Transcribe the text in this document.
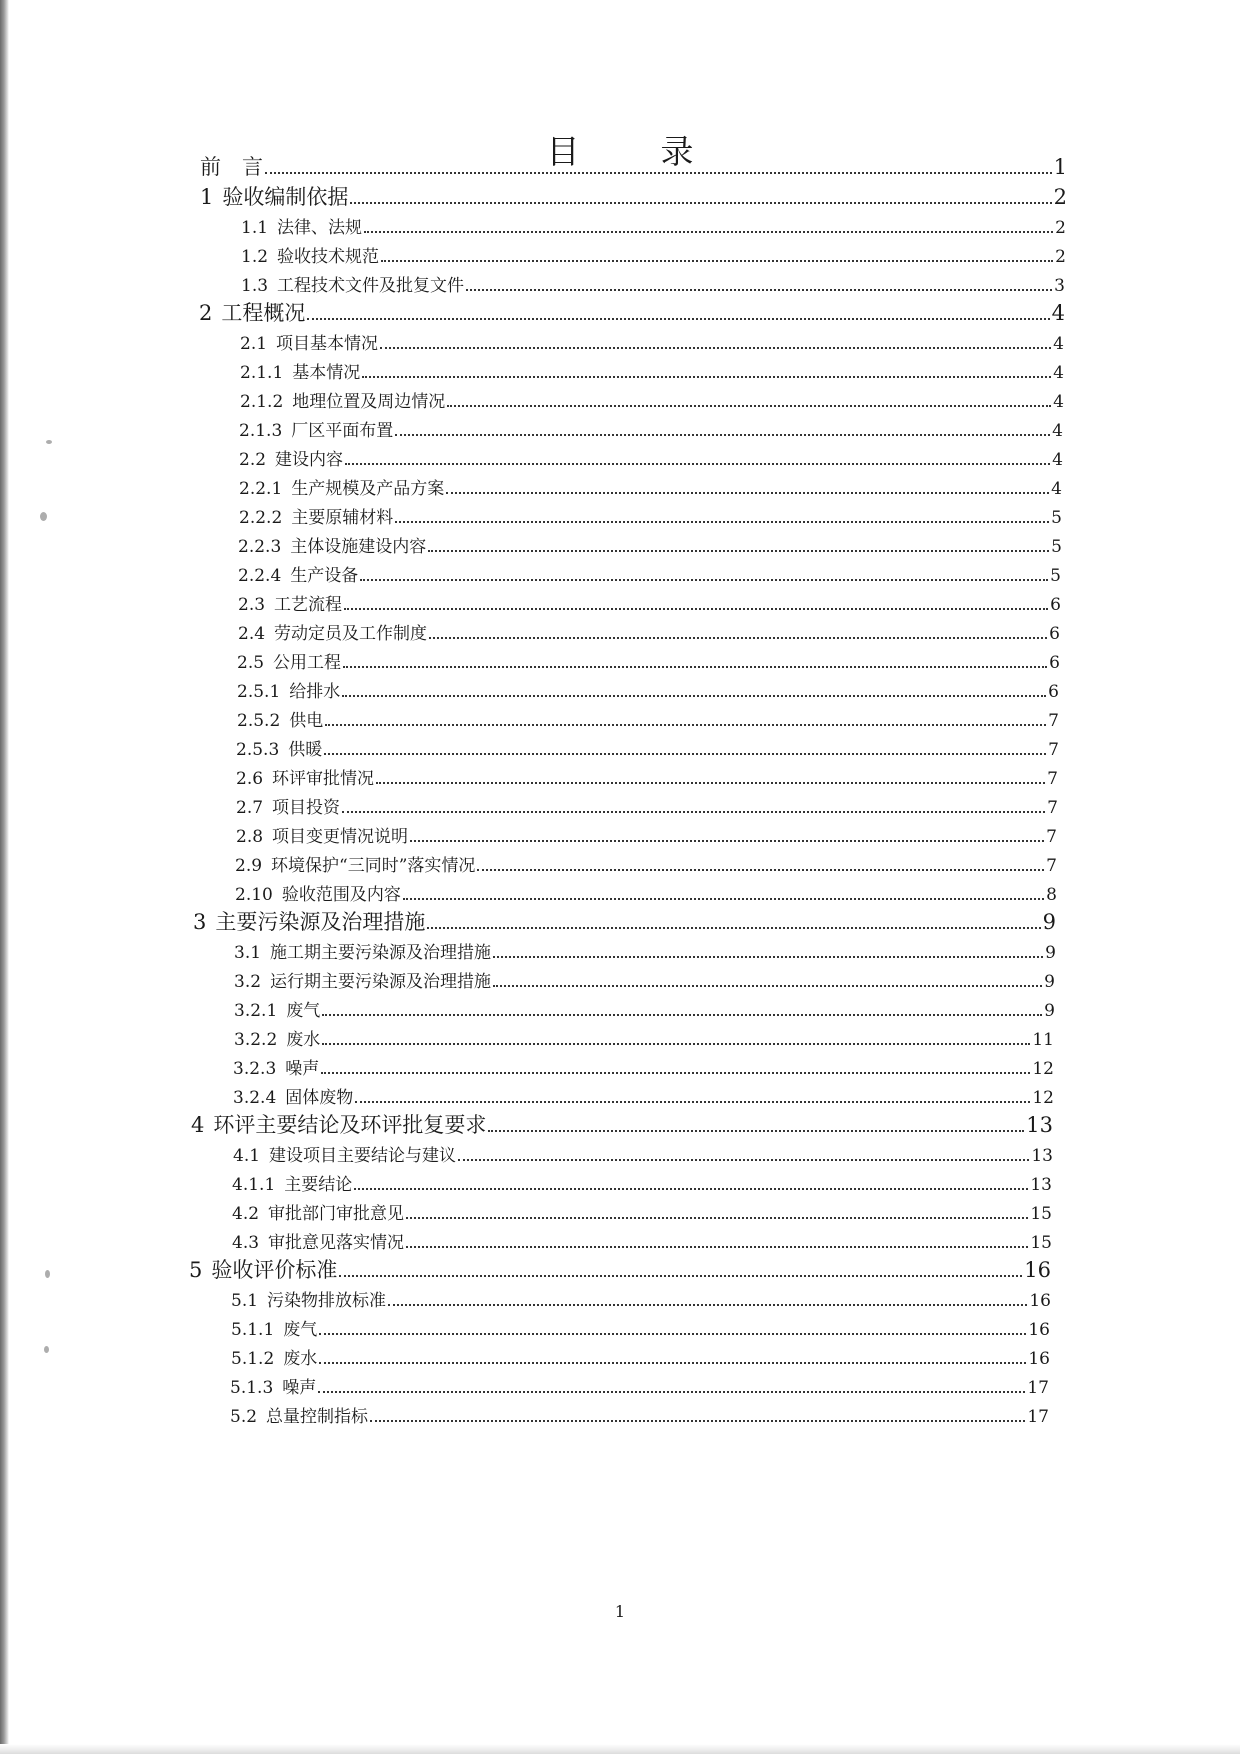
目　录
前　言	1
1 验收编制依据	2
1.1 法律、法规	2
1.2 验收技术规范	2
1.3 工程技术文件及批复文件	3
2 工程概况	4
2.1 项目基本情况	4
2.1.1 基本情况	4
2.1.2 地理位置及周边情况	4
2.1.3 厂区平面布置	4
2.2 建设内容	4
2.2.1 生产规模及产品方案	4
2.2.2 主要原辅材料	5
2.2.3 主体设施建设内容	5
2.2.4 生产设备	5
2.3 工艺流程	6
2.4 劳动定员及工作制度	6
2.5 公用工程	6
2.5.1 给排水	6
2.5.2 供电	7
2.5.3 供暖	7
2.6 环评审批情况	7
2.7 项目投资	7
2.8 项目变更情况说明	7
2.9 环境保护“三同时”落实情况	7
2.10 验收范围及内容	8
3 主要污染源及治理措施	9
3.1 施工期主要污染源及治理措施	9
3.2 运行期主要污染源及治理措施	9
3.2.1 废气	9
3.2.2 废水	11
3.2.3 噪声	12
3.2.4 固体废物	12
4 环评主要结论及环评批复要求	13
4.1 建设项目主要结论与建议	13
4.1.1 主要结论	13
4.2 审批部门审批意见	15
4.3 审批意见落实情况	15
5 验收评价标准	16
5.1 污染物排放标准	16
5.1.1 废气	16
5.1.2 废水	16
5.1.3 噪声	17
5.2 总量控制指标	17
1
